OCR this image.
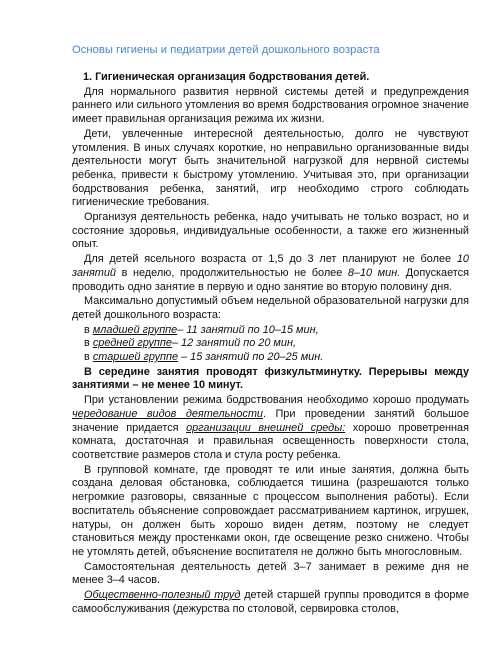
Основы гигиены и педиатрии детей дошкольного возраста

1. Гигиеническая организация бодрствования детей.

Для нормального развития нервной системы детей и предупреждения раннего или сильного утомления во время бодрствования огромное значение имеет правильная организация режима их жизни.

Дети, увлеченные интересной деятельностью, долго не чувствуют утомления. В иных случаях короткие, но неправильно организованные виды деятельности могут быть значительной нагрузкой для нервной системы ребенка, привести к быстрому утомлению. Учитывая это, при организации бодрствования ребенка, занятий, игр необходимо строго соблюдать гигиенические требования.

Организуя деятельность ребенка, надо учитывать не только возраст, но и состояние здоровья, индивидуальные особенности, а также его жизненный опыт.

Для детей ясельного возраста от 1,5 до 3 лет планируют не более 10 занятий в неделю, продолжительностью не более 8–10 мин. Допускается проводить одно занятие в первую и одно занятие во вторую половину дня.

Максимально допустимый объем недельной образовательной нагрузки для детей дошкольного возраста:

в младшей группе– 11 занятий по 10–15 мин,
в средней группе– 12 занятий по 20 мин,
в старшей группе – 15 занятий по 20–25 мин.

В середине занятия проводят физкультминутку. Перерывы между занятиями – не менее 10 минут.

При установлении режима бодрствования необходимо хорошо продумать чередование видов деятельности. При проведении занятий большое значение придается организации внешней среды: хорошо проветренная комната, достаточная и правильная освещенность поверхности стола, соответствие размеров стола и стула росту ребенка.

В групповой комнате, где проводят те или иные занятия, должна быть создана деловая обстановка, соблюдается тишина (разрешаются только негромкие разговоры, связанные с процессом выполнения работы). Если воспитатель объяснение сопровождает рассматриванием картинок, игрушек, натуры, он должен быть хорошо виден детям, поэтому не следует становиться между простенками окон, где освещение резко снижено. Чтобы не утомлять детей, объяснение воспитателя не должно быть многословным.

Самостоятельная деятельность детей 3–7 занимает в режиме дня не менее 3–4 часов.

Общественно-полезный труд детей старшей группы проводится в форме самообслуживания (дежурства по столовой, сервировка столов,
